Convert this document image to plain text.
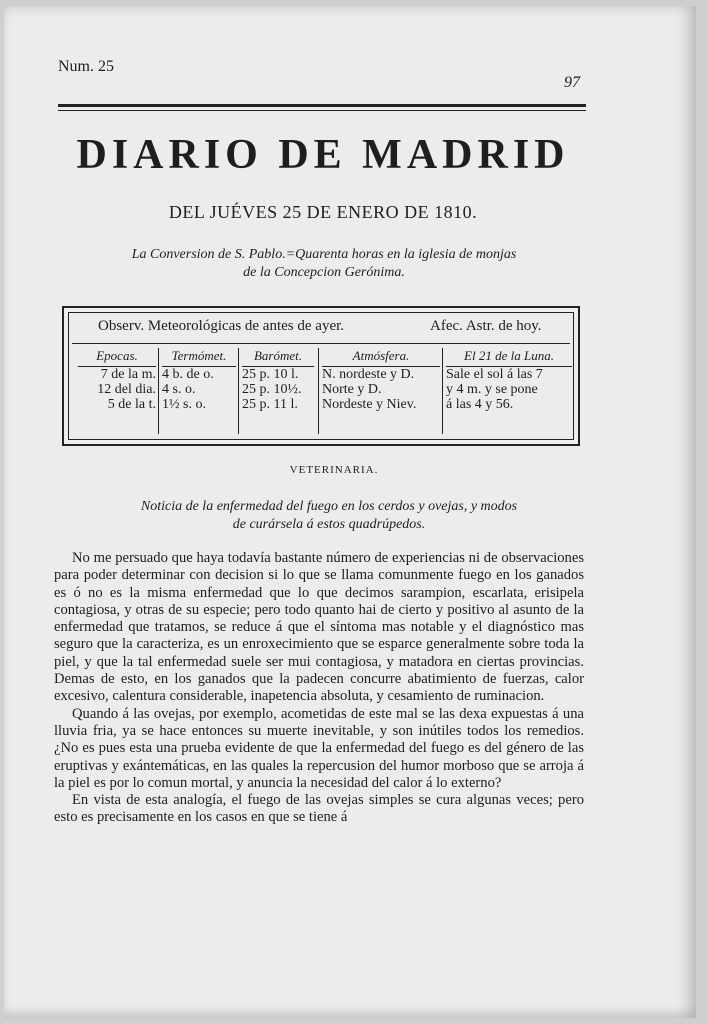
Num. 25
97
DIARIO DE MADRID
DEL JUÉVES 25 DE ENERO DE 1810.
La Conversion de S. Pablo.=Quarenta horas en la iglesia de monjas
de la Concepcion Gerónima.
Observ. Meteorológicas de antes de ayer.	Afec. Astr. de hoy.
Epocas.
7 de la m.
12 del dia.
5 de la t.
Termómet.
4 b. de o.
4 s. o.
1½ s. o.
Barómet.
25 p. 10 l.
25 p. 10½.
25 p. 11 l.
Atmósfera.
N. nordeste y D.
Norte y D.
Nordeste y Niev.
El 21 de la Luna.
Sale el sol á las 7
y 4 m. y se pone
á las 4 y 56.
VETERINARIA.
Noticia de la enfermedad del fuego en los cerdos y ovejas, y modos
de curársela á estos quadrúpedos.

No me persuado que haya todavía bastante número de experiencias ni de observaciones para poder determinar con decision si lo que se llama comunmente fuego en los ganados es ó no es la misma enfermedad que lo que decimos sarampion, escarlata, erisipela contagiosa, y otras de su especie; pero todo quanto hai de cierto y positivo al asunto de la enfermedad que tratamos, se reduce á que el síntoma mas notable y el diagnóstico mas seguro que la caracteriza, es un enroxecimiento que se esparce generalmente sobre toda la piel, y que la tal enfermedad suele ser mui contagiosa, y matadora en ciertas provincias. Demas de esto, en los ganados que la padecen concurre abatimiento de fuerzas, calor excesivo, calentura considerable, inapetencia absoluta, y cesamiento de ruminacion.

Quando á las ovejas, por exemplo, acometidas de este mal se las dexa expuestas á una lluvia fria, ya se hace entonces su muerte inevitable, y son inútiles todos los remedios. ¿No es pues esta una prueba evidente de que la enfermedad del fuego es del género de las eruptivas y exántemáticas, en las quales la repercusion del humor morboso que se arroja á la piel es por lo comun mortal, y anuncia la necesidad del calor á lo externo?

En vista de esta analogía, el fuego de las ovejas simples se cura algunas veces; pero esto es precisamente en los casos en que se tiene á
